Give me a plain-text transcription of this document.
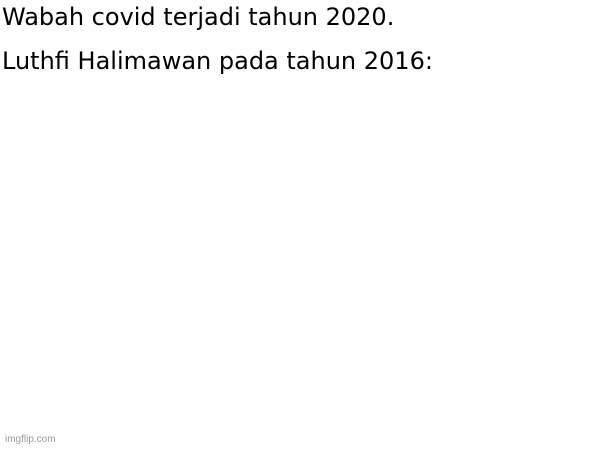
Wabah covid terjadi tahun 2020.

Luthfi Halimawan pada tahun 2016:

imgflip.com
